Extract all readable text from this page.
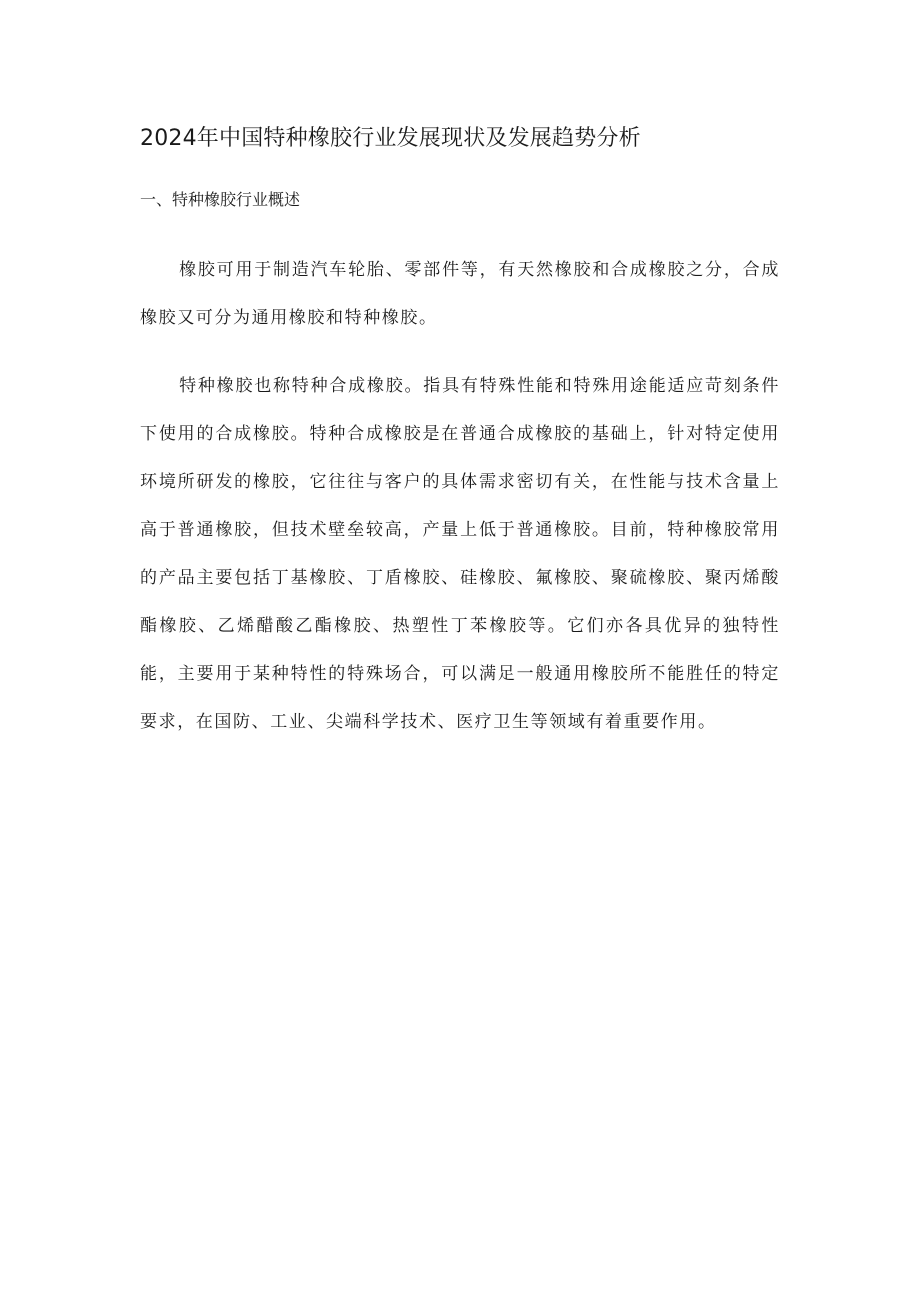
2024年中国特种橡胶行业发展现状及发展趋势分析
一、特种橡胶行业概述

橡胶可用于制造汽车轮胎、零部件等，有天然橡胶和合成橡胶之分，合成橡胶又可分为通用橡胶和特种橡胶。

特种橡胶也称特种合成橡胶。指具有特殊性能和特殊用途能适应苛刻条件下使用的合成橡胶。特种合成橡胶是在普通合成橡胶的基础上，针对特定使用环境所研发的橡胶，它往往与客户的具体需求密切有关，在性能与技术含量上高于普通橡胶，但技术壁垒较高，产量上低于普通橡胶。目前，特种橡胶常用的产品主要包括丁基橡胶、丁盾橡胶、硅橡胶、氟橡胶、聚硫橡胶、聚丙烯酸酯橡胶、乙烯醋酸乙酯橡胶、热塑性丁苯橡胶等。它们亦各具优异的独特性能，主要用于某种特性的特殊场合，可以满足一般通用橡胶所不能胜任的特定要求，在国防、工业、尖端科学技术、医疗卫生等领域有着重要作用。
